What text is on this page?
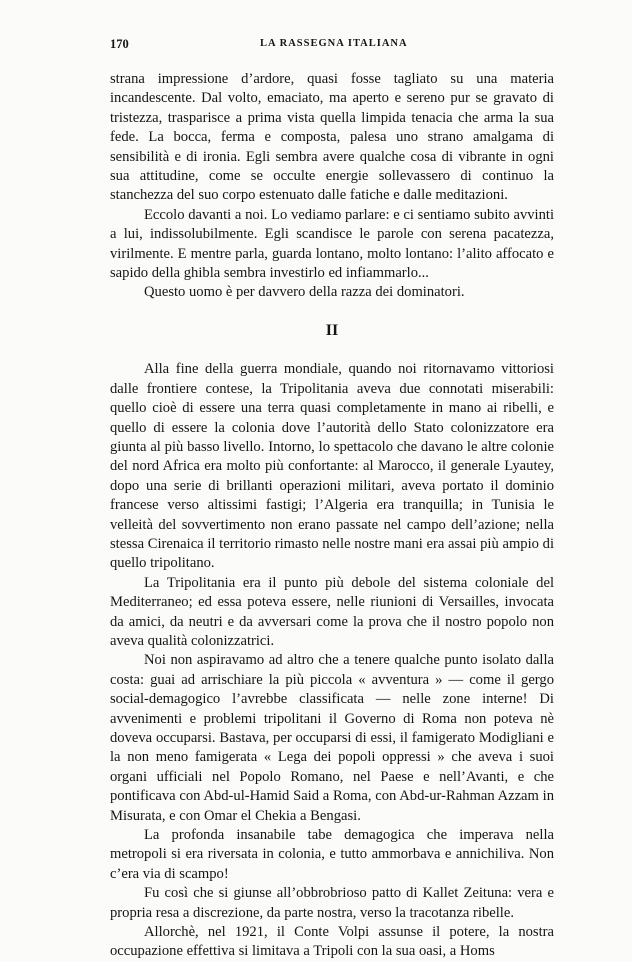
170	LA RASSEGNA ITALIANA

strana impressione d’ardore, quasi fosse tagliato su una materia incandescente. Dal volto, emaciato, ma aperto e sereno pur se gravato di tristezza, trasparisce a prima vista quella limpida tenacia che arma la sua fede. La bocca, ferma e composta, palesa uno strano amalgama di sensibilità e di ironia. Egli sembra avere qualche cosa di vibrante in ogni sua attitudine, come se occulte energie sollevassero di continuo la stanchezza del suo corpo estenuato dalle fatiche e dalle meditazioni.

Eccolo davanti a noi. Lo vediamo parlare: e ci sentiamo subito avvinti a lui, indissolubilmente. Egli scandisce le parole con serena pacatezza, virilmente. E mentre parla, guarda lontano, molto lontano: l’alito affocato e sapido della ghibla sembra investirlo ed infiammarlo...

Questo uomo è per davvero della razza dei dominatori.

II

Alla fine della guerra mondiale, quando noi ritornavamo vittoriosi dalle frontiere contese, la Tripolitania aveva due connotati miserabili: quello cioè di essere una terra quasi completamente in mano ai ribelli, e quello di essere la colonia dove l’autorità dello Stato colonizzatore era giunta al più basso livello. Intorno, lo spettacolo che davano le altre colonie del nord Africa era molto più confortante: al Marocco, il generale Lyautey, dopo una serie di brillanti operazioni militari, aveva portato il dominio francese verso altissimi fastigi; l’Algeria era tranquilla; in Tunisia le velleità del sovvertimento non erano passate nel campo dell’azione; nella stessa Cirenaica il territorio rimasto nelle nostre mani era assai più ampio di quello tripolitano.

La Tripolitania era il punto più debole del sistema coloniale del Mediterraneo; ed essa poteva essere, nelle riunioni di Versailles, invocata da amici, da neutri e da avversari come la prova che il nostro popolo non aveva qualità colonizzatrici.

Noi non aspiravamo ad altro che a tenere qualche punto isolato dalla costa: guai ad arrischiare la più piccola « avventura » — come il gergo social-demagogico l’avrebbe classificata — nelle zone interne! Di avvenimenti e problemi tripolitani il Governo di Roma non poteva nè doveva occuparsi. Bastava, per occuparsi di essi, il famigerato Modigliani e la non meno famigerata « Lega dei popoli oppressi » che aveva i suoi organi ufficiali nel Popolo Romano, nel Paese e nell’Avanti, e che pontificava con Abd-ul-Hamid Said a Roma, con Abd-ur-Rahman Azzam in Misurata, e con Omar el Chekia a Bengasi.

La profonda insanabile tabe demagogica che imperava nella metropoli si era riversata in colonia, e tutto ammorbava e annichiliva. Non c’era via di scampo!

Fu così che si giunse all’obbrobrioso patto di Kallet Zeituna: vera e propria resa a discrezione, da parte nostra, verso la tracotanza ribelle.

Allorchè, nel 1921, il Conte Volpi assunse il potere, la nostra occupazione effettiva si limitava a Tripoli con la sua oasi, a Homs
